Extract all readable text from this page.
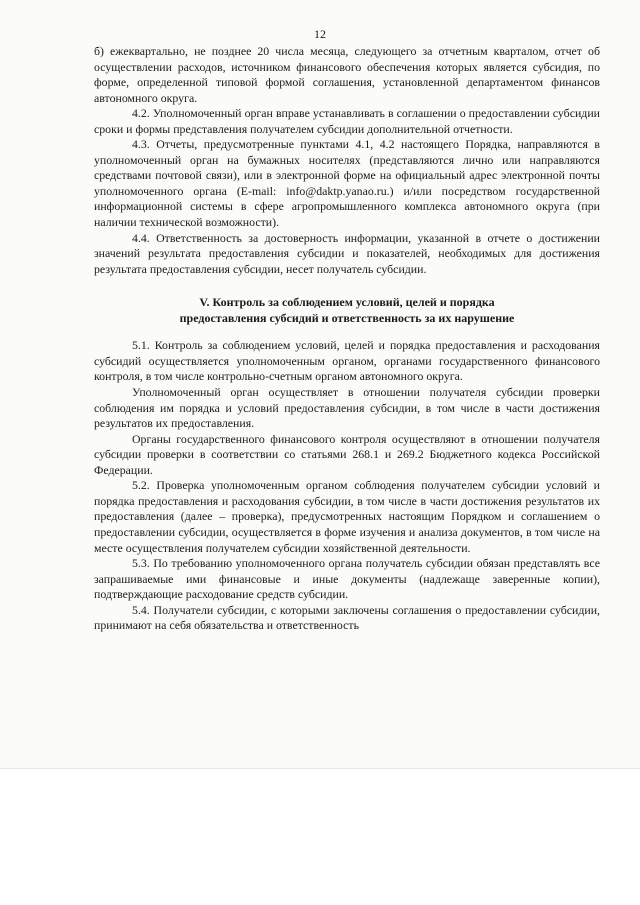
12

б) ежеквартально, не позднее 20 числа месяца, следующего за отчетным кварталом, отчет об осуществлении расходов, источником финансового обеспечения которых является субсидия, по форме, определенной типовой формой соглашения, установленной департаментом финансов автономного округа.

4.2. Уполномоченный орган вправе устанавливать в соглашении о предоставлении субсидии сроки и формы представления получателем субсидии дополнительной отчетности.

4.3. Отчеты, предусмотренные пунктами 4.1, 4.2 настоящего Порядка, направляются в уполномоченный орган на бумажных носителях (представляются лично или направляются средствами почтовой связи), или в электронной форме на официальный адрес электронной почты уполномоченного органа (E-mail: info@daktp.yanao.ru.) и/или посредством государственной информационной системы в сфере агропромышленного комплекса автономного округа (при наличии технической возможности).

4.4. Ответственность за достоверность информации, указанной в отчете о достижении значений результата предоставления субсидии и показателей, необходимых для достижения результата предоставления субсидии, несет получатель субсидии.

V. Контроль за соблюдением условий, целей и порядка
предоставления субсидий и ответственность за их нарушение

5.1. Контроль за соблюдением условий, целей и порядка предоставления и расходования субсидий осуществляется уполномоченным органом, органами государственного финансового контроля, в том числе контрольно-счетным органом автономного округа.

Уполномоченный орган осуществляет в отношении получателя субсидии проверки соблюдения им порядка и условий предоставления субсидии, в том числе в части достижения результатов их предоставления.

Органы государственного финансового контроля осуществляют в отношении получателя субсидии проверки в соответствии со статьями 268.1 и 269.2 Бюджетного кодекса Российской Федерации.

5.2. Проверка уполномоченным органом соблюдения получателем субсидии условий и порядка предоставления и расходования субсидии, в том числе в части достижения результатов их предоставления (далее – проверка), предусмотренных настоящим Порядком и соглашением о предоставлении субсидии, осуществляется в форме изучения и анализа документов, в том числе на месте осуществления получателем субсидии хозяйственной деятельности.

5.3. По требованию уполномоченного органа получатель субсидии обязан представлять все запрашиваемые ими финансовые и иные документы (надлежаще заверенные копии), подтверждающие расходование средств субсидии.

5.4. Получатели субсидии, с которыми заключены соглашения о предоставлении субсидии, принимают на себя обязательства и ответственность
